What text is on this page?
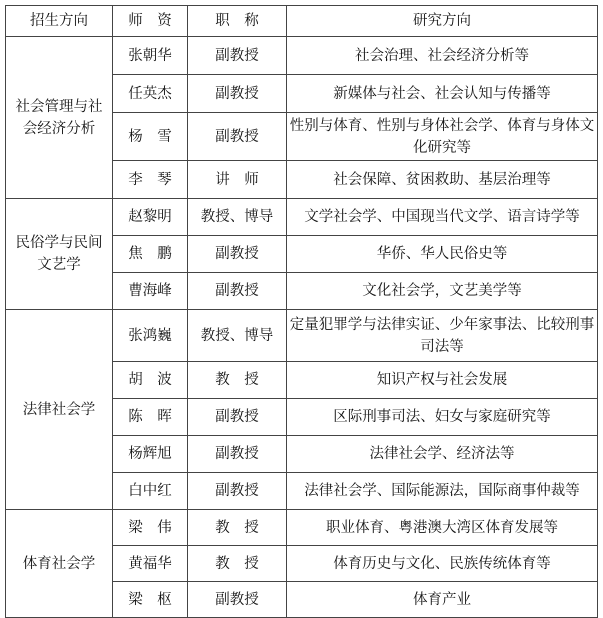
招生方向	师　资	职　称	研究方向
社会管理与社
会经济分析	张朝华	副教授	社会治理、社会经济分析等
	任英杰	副教授	新媒体与社会、社会认知与传播等
	杨　雪	副教授	性别与体育、性别与身体社会学、体育与身体文化研究等
	李　琴	讲　师	社会保障、贫困救助、基层治理等
民俗学与民间
文艺学	赵黎明	教授、博导	文学社会学、中国现当代文学、语言诗学等
	焦　鹏	副教授	华侨、华人民俗史等
	曹海峰	副教授	文化社会学，文艺美学等
法律社会学	张鸿巍	教授、博导	定量犯罪学与法律实证、少年家事法、比较刑事司法等
	胡　波	教　授	知识产权与社会发展
	陈　晖	副教授	区际刑事司法、妇女与家庭研究等
	杨辉旭	副教授	法律社会学、经济法等
	白中红	副教授	法律社会学、国际能源法，国际商事仲裁等
体育社会学	梁　伟	教　授	职业体育、粤港澳大湾区体育发展等
	黄福华	教　授	体育历史与文化、民族传统体育等
	梁　枢	副教授	体育产业
